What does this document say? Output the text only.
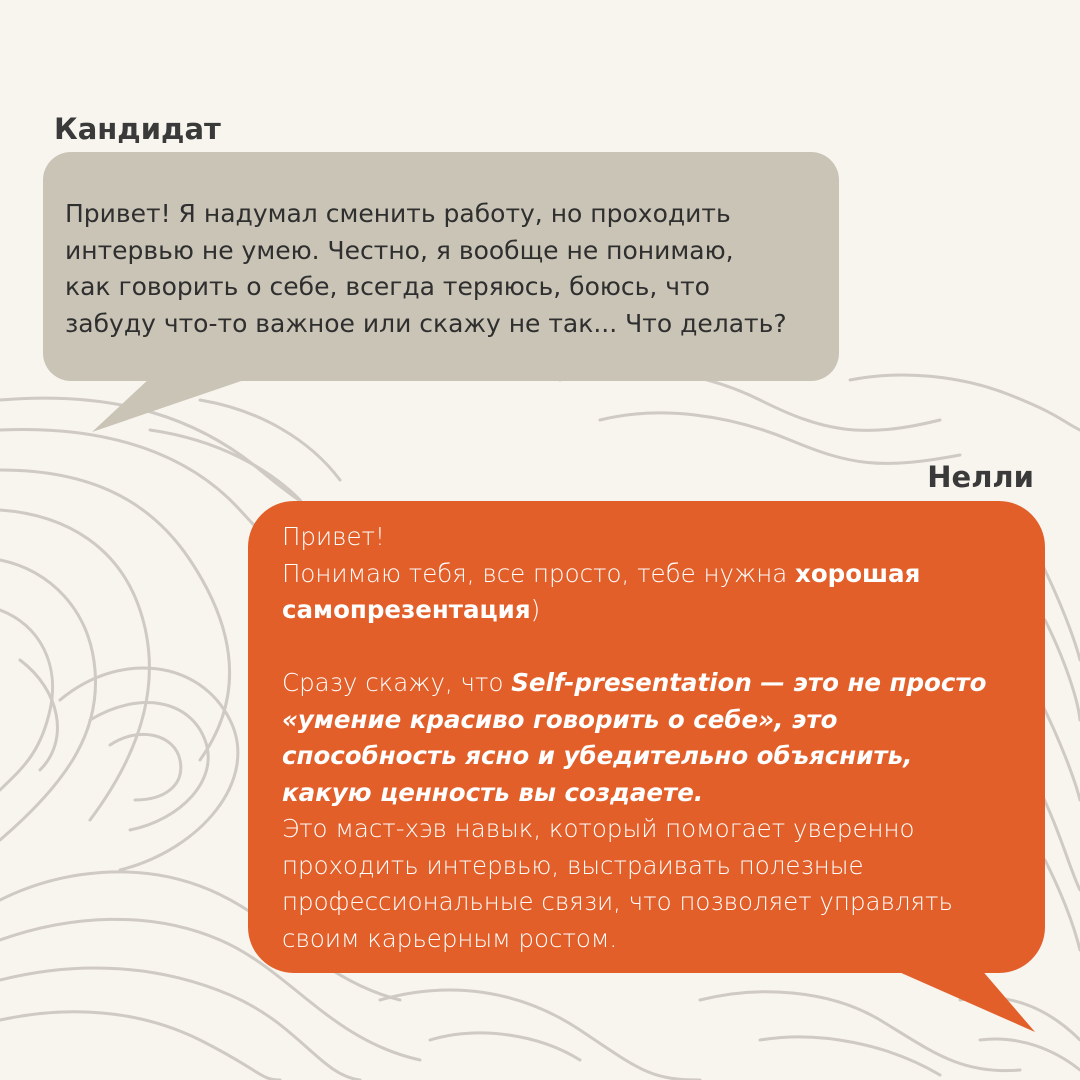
Кандидат
Привет! Я надумал сменить работу, но проходить
интервью не умею. Честно, я вообще не понимаю,
как говорить о себе, всегда теряюсь, боюсь, что
забуду что-то важное или скажу не так... Что делать?
Нелли
Привет!
Понимаю тебя, все просто, тебе нужна хорошая
самопрезентация)
Сразу скажу, что Self-presentation — это не просто
«умение красиво говорить о себе», это
способность ясно и убедительно объяснить,
какую ценность вы создаете.
Это маст-хэв навык, который помогает уверенно
проходить интервью, выстраивать полезные
профессиональные связи, что позволяет управлять
своим карьерным ростом.
